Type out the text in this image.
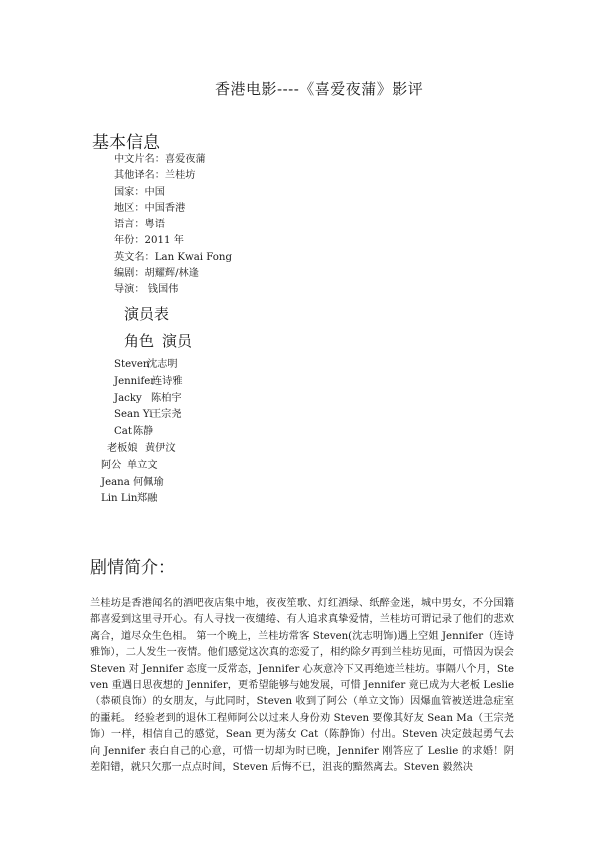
香港电影----《喜爱夜蒲》影评
基本信息
中文片名：喜爱夜蒲
其他译名：兰桂坊
国家：中国
地区：中国香港
语言：粤语
年份：2011 年
英文名：Lan Kwai Fong
编剧：胡耀辉/林逢
导演： 钱国伟
演员表
角色 演员
Steven
沈志明
Jennifer
连诗雅
Jacky 陈柏宇
Sean Yi
王宗尧
Cat 陈静
老板娘 黄伊汶
阿公 单立文
Jeana 何佩瑜
Lin Lin 郑融
剧情简介：
兰桂坊是香港闻名的酒吧夜店集中地，夜夜笙歌、灯红酒绿、纸醉金迷，城中男女，不分国籍都喜爱到这里寻开心。有人寻找一夜缱绻、有人追求真挚爱情，兰桂坊可谓记录了他们的悲欢离合，道尽众生色相。 第一个晚上，兰桂坊常客 Steven(沈志明饰)遇上空姐 Jennifer（连诗雅饰），二人发生一夜情。他们感觉这次真的恋爱了，相约除夕再到兰桂坊见面，可惜因为误会 Steven 对 Jennifer 态度一反常态，Jennifer 心灰意冷下又再绝迹兰桂坊。事隔八个月，Steven 重遇日思夜想的 Jennifer，更希望能够与她发展，可惜 Jennifer 竟已成为大老板 Leslie（恭硕良饰）的女朋友，与此同时，Steven 收到了阿公（单立文饰）因爆血管被送进急症室的噩耗。 经验老到的退休工程师阿公以过来人身份劝 Steven 要像其好友 Sean Ma（王宗尧饰）一样，相信自己的感觉，Sean 更为荡女 Cat（陈静饰）付出。Steven 决定鼓起勇气去向 Jennifer 表白自己的心意，可惜一切却为时已晚，Jennifer 刚答应了 Leslie 的求婚！阴差阳错，就只欠那一点点时间，Steven 后悔不已，沮丧的黯然离去。Steven 毅然决
